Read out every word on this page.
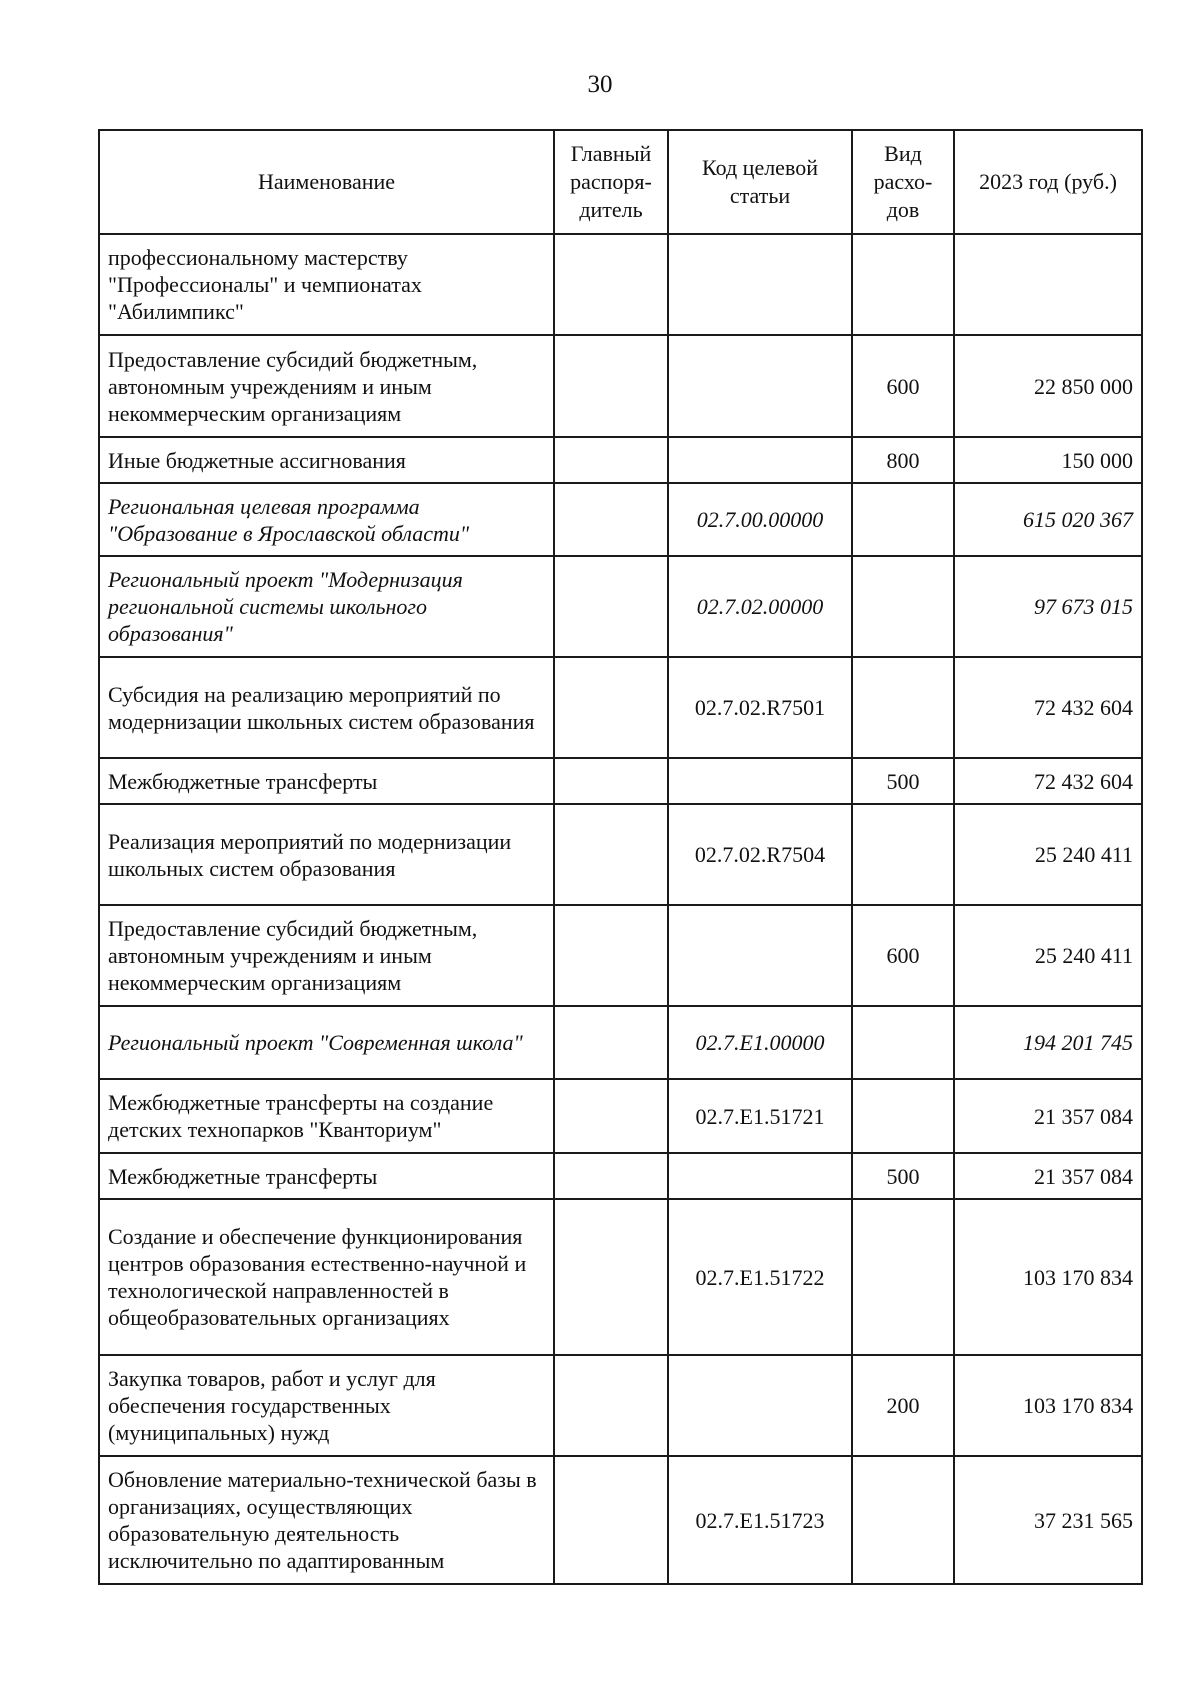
30
Наименование	Главный распоря-дитель	Код целевой статьи	Вид расхо-дов	2023 год (руб.)
профессиональному мастерству "Профессионалы" и чемпионатах "Абилимпикс"				
Предоставление субсидий бюджетным, автономным учреждениям и иным некоммерческим организациям			600	22 850 000
Иные бюджетные ассигнования			800	150 000
Региональная целевая программа "Образование в Ярославской области"		02.7.00.00000		615 020 367
Региональный проект "Модернизация региональной системы школьного образования"		02.7.02.00000		97 673 015
Субсидия на реализацию мероприятий по модернизации школьных систем образования		02.7.02.R7501		72 432 604
Межбюджетные трансферты			500	72 432 604
Реализация мероприятий по модернизации школьных систем образования		02.7.02.R7504		25 240 411
Предоставление субсидий бюджетным, автономным учреждениям и иным некоммерческим организациям			600	25 240 411
Региональный проект "Современная школа"		02.7.Е1.00000		194 201 745
Межбюджетные трансферты на создание детских технопарков "Кванториум"		02.7.Е1.51721		21 357 084
Межбюджетные трансферты			500	21 357 084
Создание и обеспечение функционирования центров образования естественно-научной и технологической направленностей в общеобразовательных организациях		02.7.Е1.51722		103 170 834
Закупка товаров, работ и услуг для обеспечения государственных (муниципальных) нужд			200	103 170 834
Обновление материально-технической базы в организациях, осуществляющих образовательную деятельность исключительно по адаптированным		02.7.Е1.51723		37 231 565
